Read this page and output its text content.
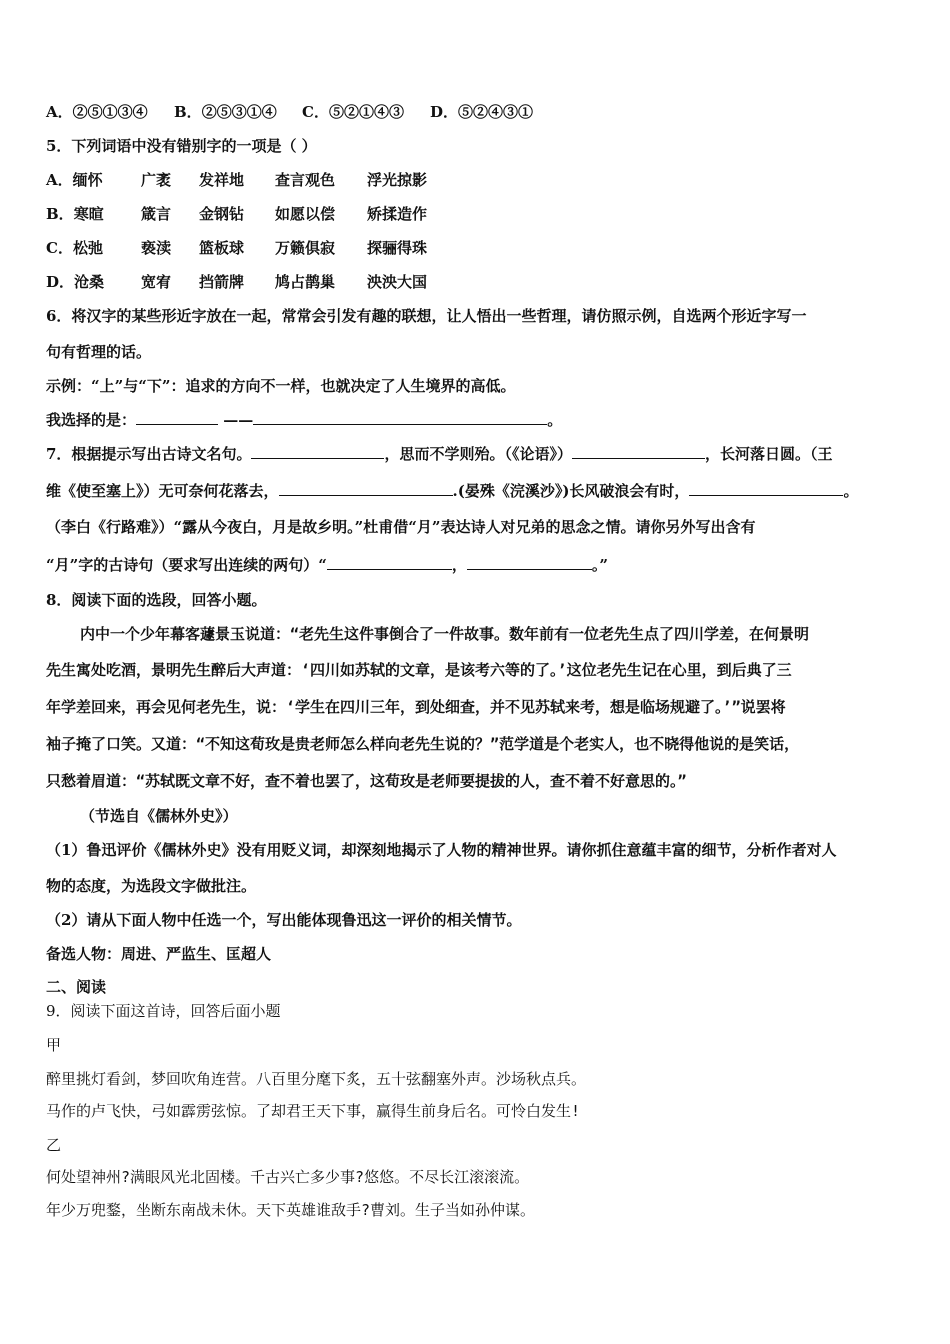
A．②⑤①③④ B．②⑤③①④ C．⑤②①④③ D．⑤②④③①
5．下列词语中没有错别字的一项是（ ）
A．缅怀	广袤 发祥地 查言观色 浮光掠影
B．寒暄 箴言 金钢钻 如愿以偿 矫揉造作
C．松弛	亵渎 篮板球 万籁俱寂 探骊得珠
D．沧桑 宽宥 挡箭牌 鸠占鹊巢 泱泱大国
6．将汉字的某些形近字放在一起，常常会引发有趣的联想，让人悟出一些哲理，请仿照示例，自选两个形近字写一
句有哲理的话。
示例：“上”与“下”：追求的方向不一样，也就决定了人生境界的高低。
我选择的是：	——	。
7．根据提示写出古诗文名句。	，思而不学则殆。（《论语》）	，长河落日圆。（王
维《使至塞上》）无可奈何花落去，	.(晏殊《浣溪沙》)长风破浪会有时，	。
（李白《行路难》）“露从今夜白，月是故乡明。”杜甫借“月”表达诗人对兄弟的思念之情。请你另外写出含有
“月”字的古诗句（要求写出连续的两句）“	，	。”
8．阅读下面的选段，回答小题。
内中一个少年幕客蘧景玉说道：“老先生这件事倒合了一件故事。数年前有一位老先生点了四川学差，在何景明
先生寓处吃酒，景明先生醉后大声道：‘四川如苏轼的文章，是该考六等的了。’这位老先生记在心里，到后典了三
年学差回来，再会见何老先生，说：‘学生在四川三年，到处细查，并不见苏轼来考，想是临场规避了。’”说罢将
袖子掩了口笑。又道：“不知这荀玫是贵老师怎么样向老先生说的？”范学道是个老实人，也不晓得他说的是笑话，
只愁着眉道：“苏轼既文章不好，查不着也罢了，这荀玫是老师要提拔的人，查不着不好意思的。”
（节选自《儒林外史》）
（1）鲁迅评价《儒林外史》没有用贬义词，却深刻地揭示了人物的精神世界。请你抓住意蕴丰富的细节，分析作者对人
物的态度，为选段文字做批注。
（2）请从下面人物中任选一个，写出能体现鲁迅这一评价的相关情节。
备选人物：周进、严监生、匡超人
二、阅读
9．阅读下面这首诗，回答后面小题
甲
醉里挑灯看剑，梦回吹角连营。八百里分麾下炙，五十弦翻塞外声。沙场秋点兵。
马作的卢飞快，弓如霹雳弦惊。了却君王天下事，赢得生前身后名。可怜白发生!
乙
何处望神州?满眼风光北固楼。千古兴亡多少事?悠悠。不尽长江滚滚流。
年少万兜鍪，坐断东南战未休。天下英雄谁敌手?曹刘。生子当如孙仲谋。
